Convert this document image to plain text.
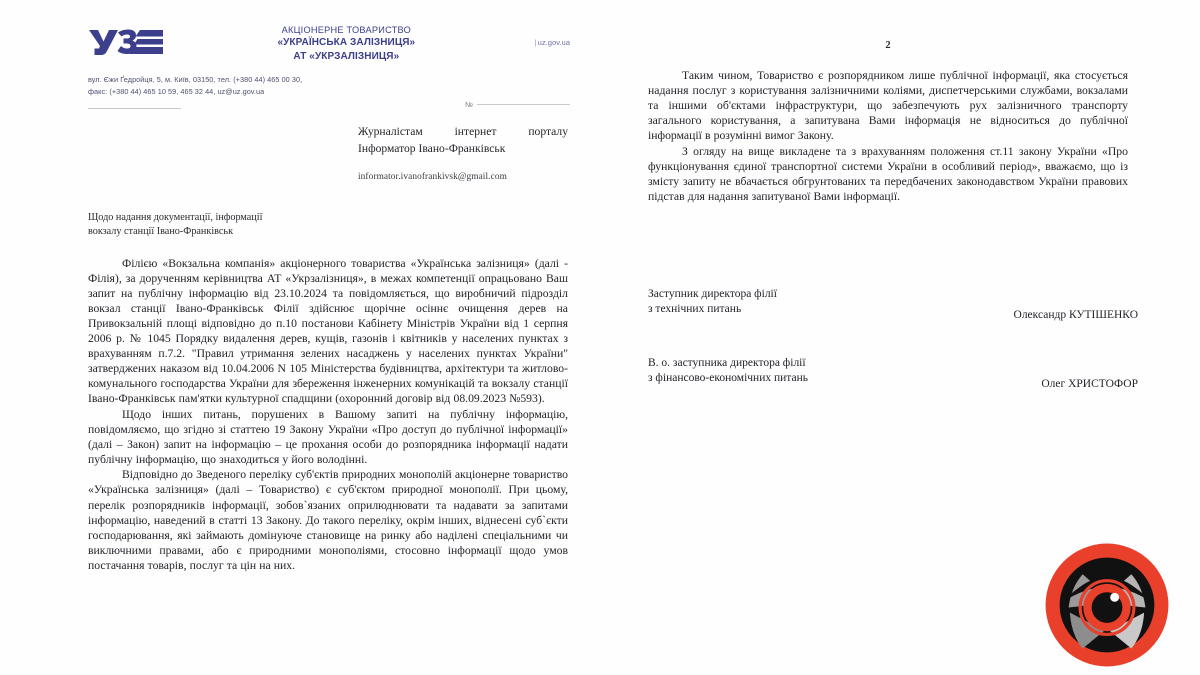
АКЦІОНЕРНЕ ТОВАРИСТВО
«УКРАЇНСЬКА ЗАЛІЗНИЦЯ»
АТ «УКРЗАЛІЗНИЦЯ»
|uz.gov.ua
вул. Єжи Ґедройця, 5, м. Київ, 03150, тел. (+380 44) 465 00 30,
факс: (+380 44) 465 10 59, 465 32 44, uz@uz.gov.ua
№
Журналістам інтернет порталу
Інформатор Івано-Франківськ
informator.ivanofrankivsk@gmail.com
Щодо надання документації, інформації
вокзалу станції Івано-Франківськ

Філією «Вокзальна компанія» акціонерного товариства «Українська залізниця» (далі - Філія), за дорученням керівництва АТ «Укрзалізниця», в межах компетенції опрацьовано Ваш запит на публічну інформацію від 23.10.2024 та повідомляється, що виробничий підрозділ вокзал станції Івано-Франківськ Філії здійснює щорічне осіннє очищення дерев на Привокзальній площі відповідно до п.10 постанови Кабінету Міністрів України від 1 серпня 2006 р. № 1045 Порядку видалення дерев, кущів, газонів і квітників у населених пунктах з врахуванням п.7.2. "Правил утримання зелених насаджень у населених пунктах України" затверджених наказом від 10.04.2006 N 105 Міністерства будівництва, архітектури та житлово-комунального господарства України для збереження інженерних комунікацій та вокзалу станції Івано-Франківськ пам'ятки культурної спадщини (охоронний договір від 08.09.2023 №593).

Щодо інших питань, порушених в Вашому запиті на публічну інформацію, повідомляємо, що згідно зі статтею 19 Закону України «Про доступ до публічної інформації» (далі – Закон) запит на інформацію – це прохання особи до розпорядника інформації надати публічну інформацію, що знаходиться у його володінні.

Відповідно до Зведеного переліку суб'єктів природних монополій акціонерне товариство «Українська залізниця» (далі – Товариство) є суб'єктом природної монополії. При цьому, перелік розпорядників інформації, зобов`язаних оприлюднювати та надавати за запитами інформацію, наведений в статті 13 Закону. До такого переліку, окрім інших, віднесені суб`єкти господарювання, які займають домінуюче становище на ринку або наділені спеціальними чи виключними правами, або є природними монополіями, стосовно інформації щодо умов постачання товарів, послуг та цін на них.

2

Таким чином, Товариство є розпорядником лише публічної інформації, яка стосується надання послуг з користування залізничними коліями, диспетчерськими службами, вокзалами та іншими об'єктами інфраструктури, що забезпечують рух залізничного транспорту загального користування, а запитувана Вами інформація не відноситься до публічної інформації в розумінні вимог Закону.

З огляду на вище викладене та з врахуванням положення ст.11 закону України «Про функціонування єдиної транспортної системи України в особливий період», вважаємо, що із змісту запиту не вбачається обгрунтованих та передбачених законодавством України правових підстав для надання запитуваної Вами інформації.

Заступник директора філії
з технічних питань	Олександр КУТІШЕНКО
В. о. заступника директора філії
з фінансово-економічних питань	Олег ХРИСТОФОР
